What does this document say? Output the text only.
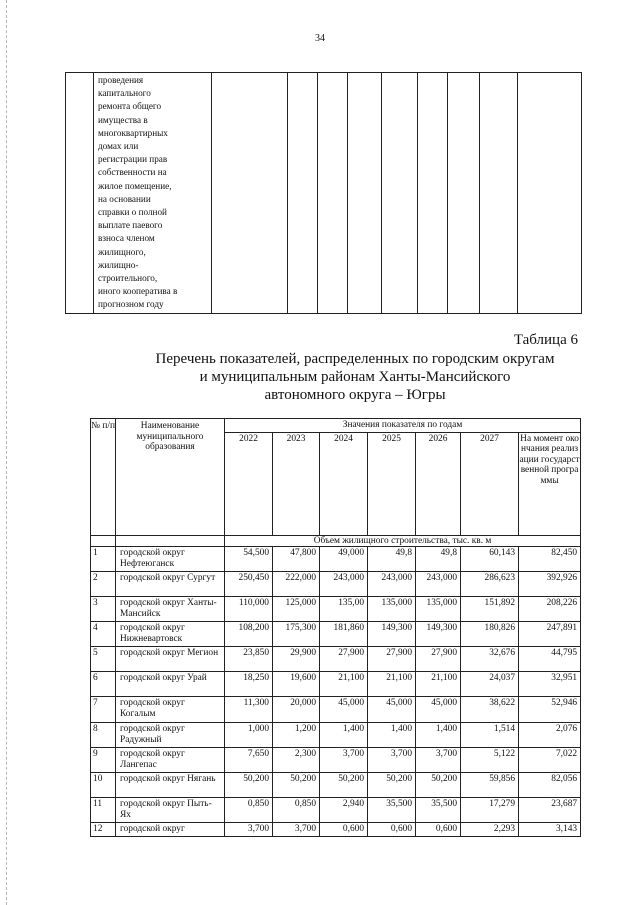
34

проведения
капитального
ремонта общего
имущества в
многоквартирных
домах или
регистрации прав
собственности на
жилое помещение,
на основании
справки о полной
выплате паевого
взноса членом
жилищного,
жилищно-
строительного,
иного кооператива в
прогнозном году

Таблица 6
Перечень показателей, распределенных по городским округам
и муниципальным районам Ханты-Мансийского
автономного округа – Югры
№ п/п	Наименование муниципального образования	Значения показателя по годам						
		2022	2023	2024	2025	2026	2027	На момент окончания реализации государственной программы
		Объем жилищного строительства, тыс. кв. м						
1	городской округ Нефтеюганск	54,500	47,800	49,000	49,8	49,8	60,143	82,450
2	городской округ Сургут	250,450	222,000	243,000	243,000	243,000	286,623	392,926
3	городской округ Ханты-Мансийск	110,000	125,000	135,00	135,000	135,000	151,892	208,226
4	городской округ Нижневартовск	108,200	175,300	181,860	149,300	149,300	180,826	247,891
5	городской округ Мегион	23,850	29,900	27,900	27,900	27,900	32,676	44,795
6	городской округ Урай	18,250	19,600	21,100	21,100	21,100	24,037	32,951
7	городской округ Когалым	11,300	20,000	45,000	45,000	45,000	38,622	52,946
8	городской округ Радужный	1,000	1,200	1,400	1,400	1,400	1,514	2,076
9	городской округ Лангепас	7,650	2,300	3,700	3,700	3,700	5,122	7,022
10	городской округ Нягань	50,200	50,200	50,200	50,200	50,200	59,856	82,056
11	городской округ Пыть-Ях	0,850	0,850	2,940	35,500	35,500	17,279	23,687
12	городской округ	3,700	3,700	0,600	0,600	0,600	2,293	3,143
